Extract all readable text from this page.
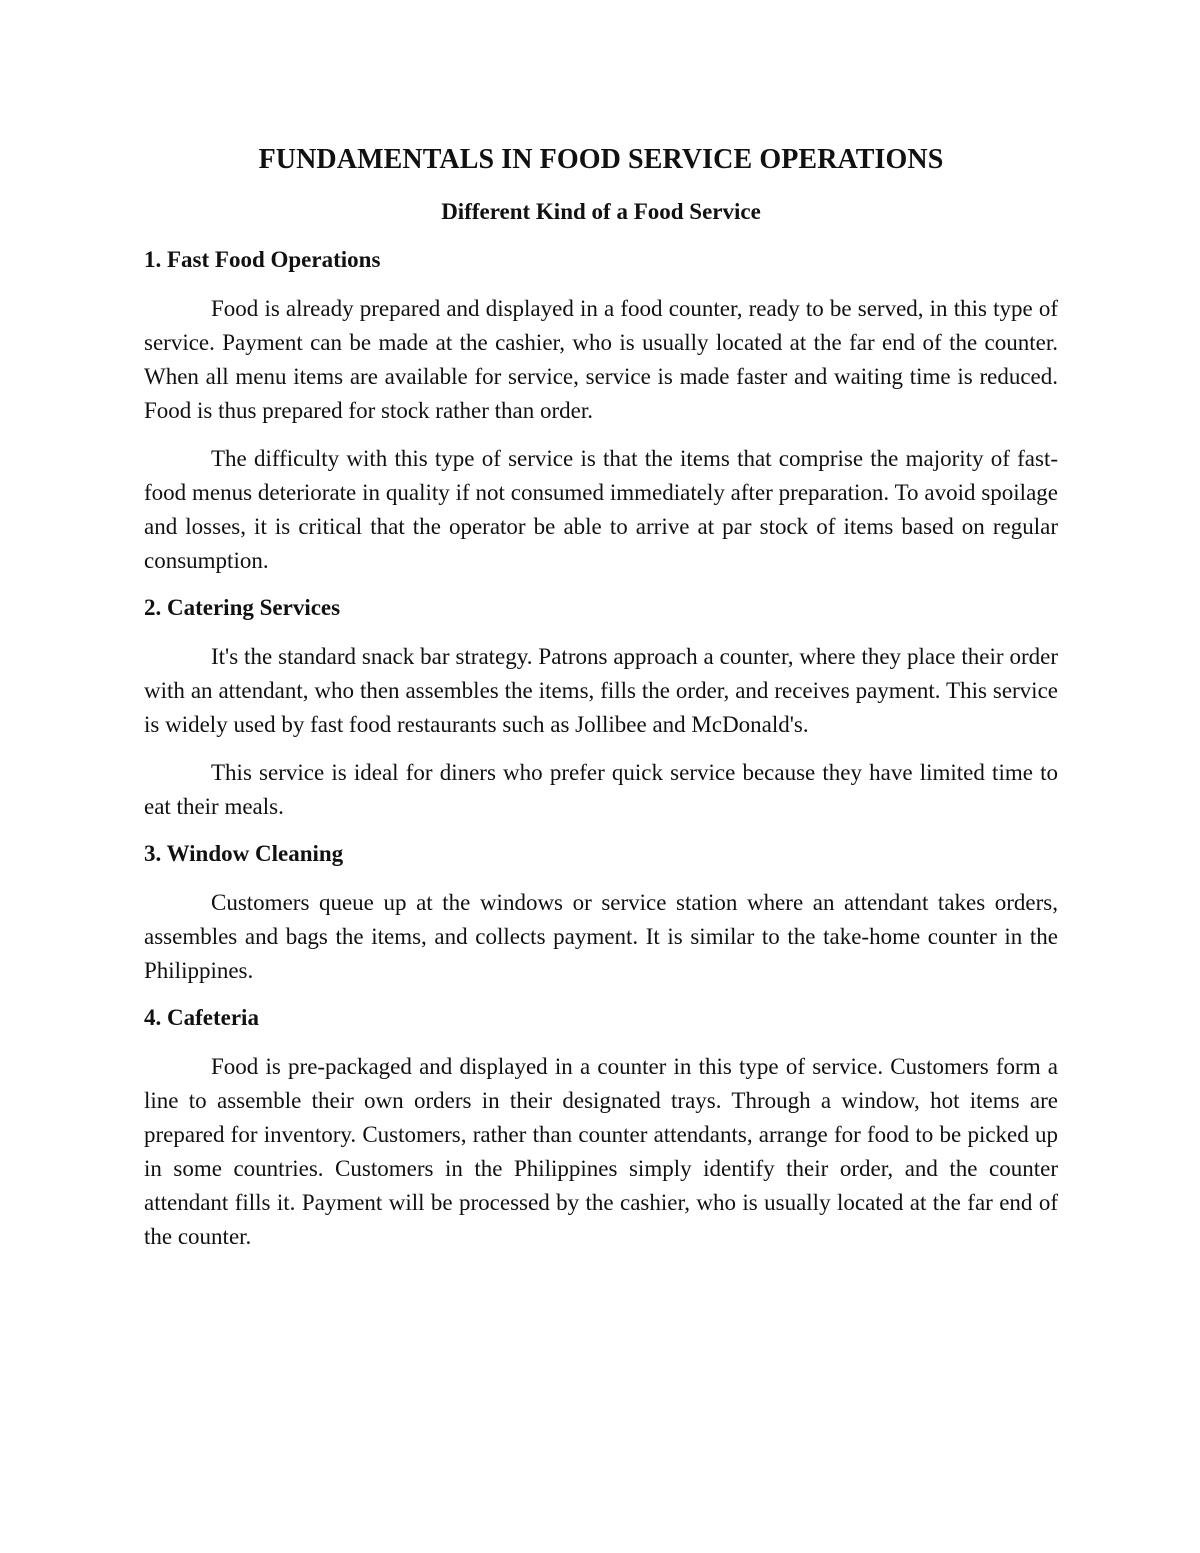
FUNDAMENTALS IN FOOD SERVICE OPERATIONS
Different Kind of a Food Service
1. Fast Food Operations

Food is already prepared and displayed in a food counter, ready to be served, in this type of service. Payment can be made at the cashier, who is usually located at the far end of the counter. When all menu items are available for service, service is made faster and waiting time is reduced. Food is thus prepared for stock rather than order.

The difficulty with this type of service is that the items that comprise the majority of fast-food menus deteriorate in quality if not consumed immediately after preparation. To avoid spoilage and losses, it is critical that the operator be able to arrive at par stock of items based on regular consumption.

2. Catering Services

It's the standard snack bar strategy. Patrons approach a counter, where they place their order with an attendant, who then assembles the items, fills the order, and receives payment. This service is widely used by fast food restaurants such as Jollibee and McDonald's.

This service is ideal for diners who prefer quick service because they have limited time to eat their meals.

3. Window Cleaning

Customers queue up at the windows or service station where an attendant takes orders, assembles and bags the items, and collects payment. It is similar to the take-home counter in the Philippines.

4. Cafeteria

Food is pre-packaged and displayed in a counter in this type of service. Customers form a line to assemble their own orders in their designated trays. Through a window, hot items are prepared for inventory. Customers, rather than counter attendants, arrange for food to be picked up in some countries. Customers in the Philippines simply identify their order, and the counter attendant fills it. Payment will be processed by the cashier, who is usually located at the far end of the counter.
